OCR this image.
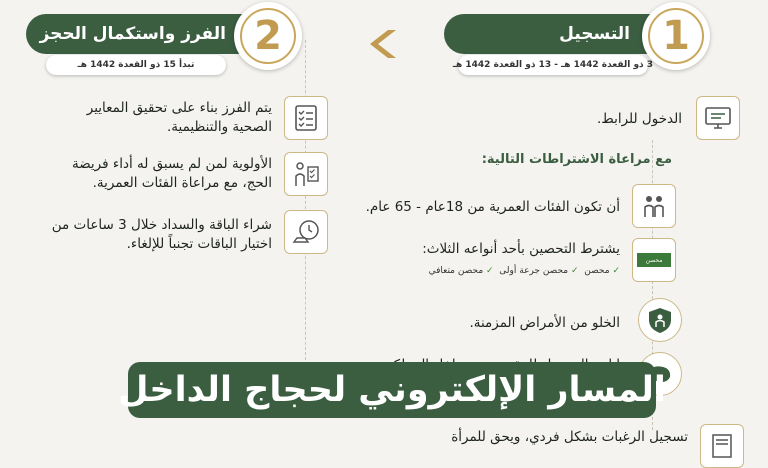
الفرز واستكمال الحجز
تبدأ 15 ذو القعدة 1442 هـ
2	التسجيل
3 ذو القعدة 1442 هـ - 13 ذو القعدة 1442 هـ
1
يتم الفرز بناء على تحقيق المعايير
الصحية والتنظيمية.
الأولوية لمن لم يسبق له أداء فريضة
الحج، مع مراعاة الفئات العمرية.
شراء الباقة والسداد خلال 3 ساعات من
اختيار الباقات تجنباً للإلغاء.
الدخول للرابط.
مع مراعاة الاشتراطات التالية:
أن تكون الفئات العمرية من 18عام - 65 عام.
محصن
يشترط التحصين بأحد أنواعه الثلاث:
✓ محصن  ✓ محصن جرعة أولى  ✓ محصن متعافي
الخلو من الأمراض المزمنة.
تسجيل الرغبات بشكل فردي، ويحق للمرأة
المسار الإلكتروني لحجاج الداخل
